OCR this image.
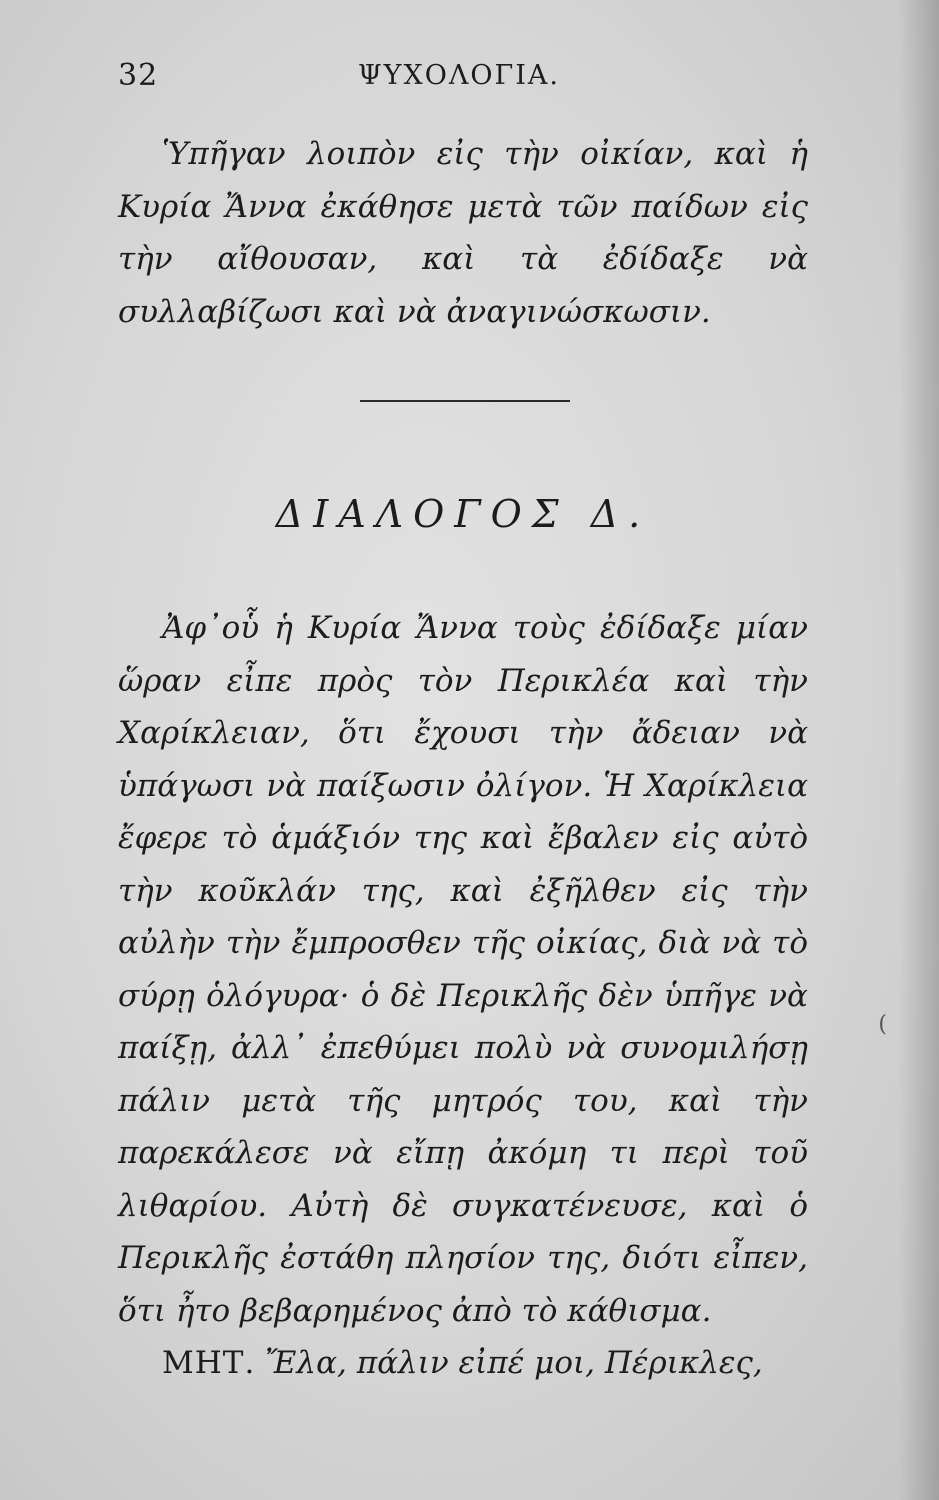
32	ΨΥΧΟΛΟΓΙΑ.

Ὑπῆγαν λοιπὸν εἰς τὴν οἰκίαν, καὶ ἡ Κυρία Ἄννα ἐκάθησε μετὰ τῶν παίδων εἰς τὴν αἴθουσαν, καὶ τὰ ἐδίδαξε νὰ συλλαβίζωσι καὶ νὰ ἀναγινώσκωσιν.

ΔΙΑΛΟΓΟΣ Δ.

Ἀφ᾽οὗ ἡ Κυρία Ἄννα τοὺς ἐδίδαξε μίαν ὥραν εἶπε πρὸς τὸν Περικλέα καὶ τὴν Χαρίκλειαν, ὅτι ἔχουσι τὴν ἄδειαν νὰ ὑπάγωσι νὰ παίξωσιν ὀλίγον. Ἡ Χαρίκλεια ἔφερε τὸ ἁμάξιόν της καὶ ἔβαλεν εἰς αὐτὸ τὴν κοῦκλάν της, καὶ ἐξῆλθεν εἰς τὴν αὐλὴν τὴν ἔμπροσθεν τῆς οἰκίας, διὰ νὰ τὸ σύρῃ ὁλόγυρα· ὁ δὲ Περικλῆς δὲν ὑπῆγε νὰ παίξῃ, ἀλλ᾽ ἐπεθύμει πολὺ νὰ συνομιλήσῃ πάλιν μετὰ τῆς μητρός του, καὶ τὴν παρεκάλεσε νὰ εἴπῃ ἀκόμη τι περὶ τοῦ λιθαρίου. Αὐτὴ δὲ συγκατένευσε, καὶ ὁ Περικλῆς ἐστάθη πλησίον της, διότι εἶπεν, ὅτι ἦτο βεβαρημένος ἀπὸ τὸ κάθισμα.

ΜΗΤ. Ἔλα, πάλιν εἰπέ μοι, Πέρικλες,

(
